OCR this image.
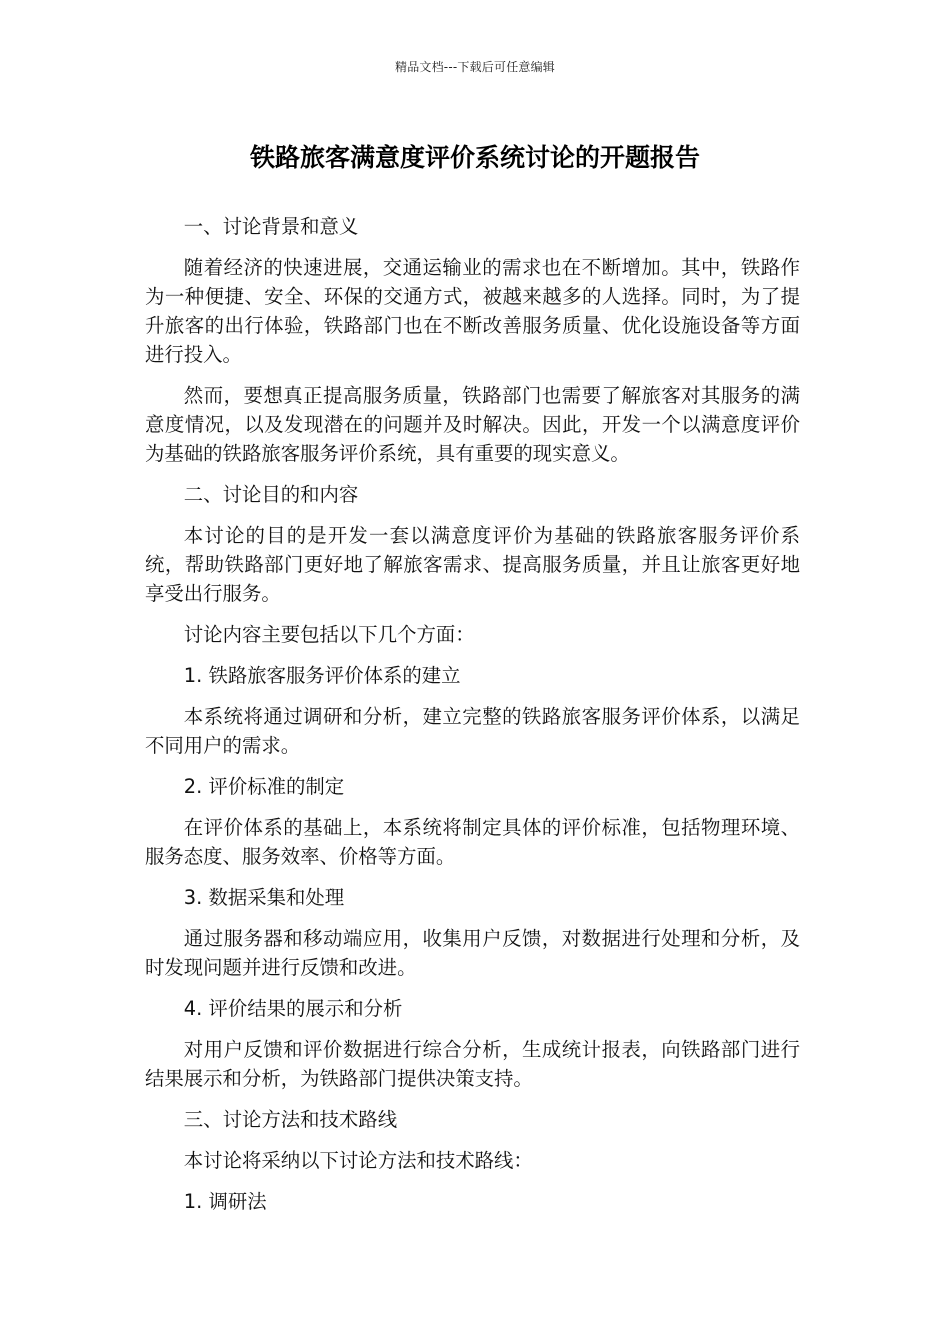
精品文档---下载后可任意编辑
铁路旅客满意度评价系统讨论的开题报告

一、讨论背景和意义

随着经济的快速进展，交通运输业的需求也在不断增加。其中，铁路作为一种便捷、安全、环保的交通方式，被越来越多的人选择。同时，为了提升旅客的出行体验，铁路部门也在不断改善服务质量、优化设施设备等方面进行投入。

然而，要想真正提高服务质量，铁路部门也需要了解旅客对其服务的满意度情况，以及发现潜在的问题并及时解决。因此，开发一个以满意度评价为基础的铁路旅客服务评价系统，具有重要的现实意义。

二、讨论目的和内容

本讨论的目的是开发一套以满意度评价为基础的铁路旅客服务评价系统，帮助铁路部门更好地了解旅客需求、提高服务质量，并且让旅客更好地享受出行服务。

讨论内容主要包括以下几个方面：

1. 铁路旅客服务评价体系的建立

本系统将通过调研和分析，建立完整的铁路旅客服务评价体系，以满足不同用户的需求。

2. 评价标准的制定

在评价体系的基础上，本系统将制定具体的评价标准，包括物理环境、服务态度、服务效率、价格等方面。

3. 数据采集和处理

通过服务器和移动端应用，收集用户反馈，对数据进行处理和分析，及时发现问题并进行反馈和改进。

4. 评价结果的展示和分析

对用户反馈和评价数据进行综合分析，生成统计报表，向铁路部门进行结果展示和分析，为铁路部门提供决策支持。

三、讨论方法和技术路线

本讨论将采纳以下讨论方法和技术路线：

1. 调研法
